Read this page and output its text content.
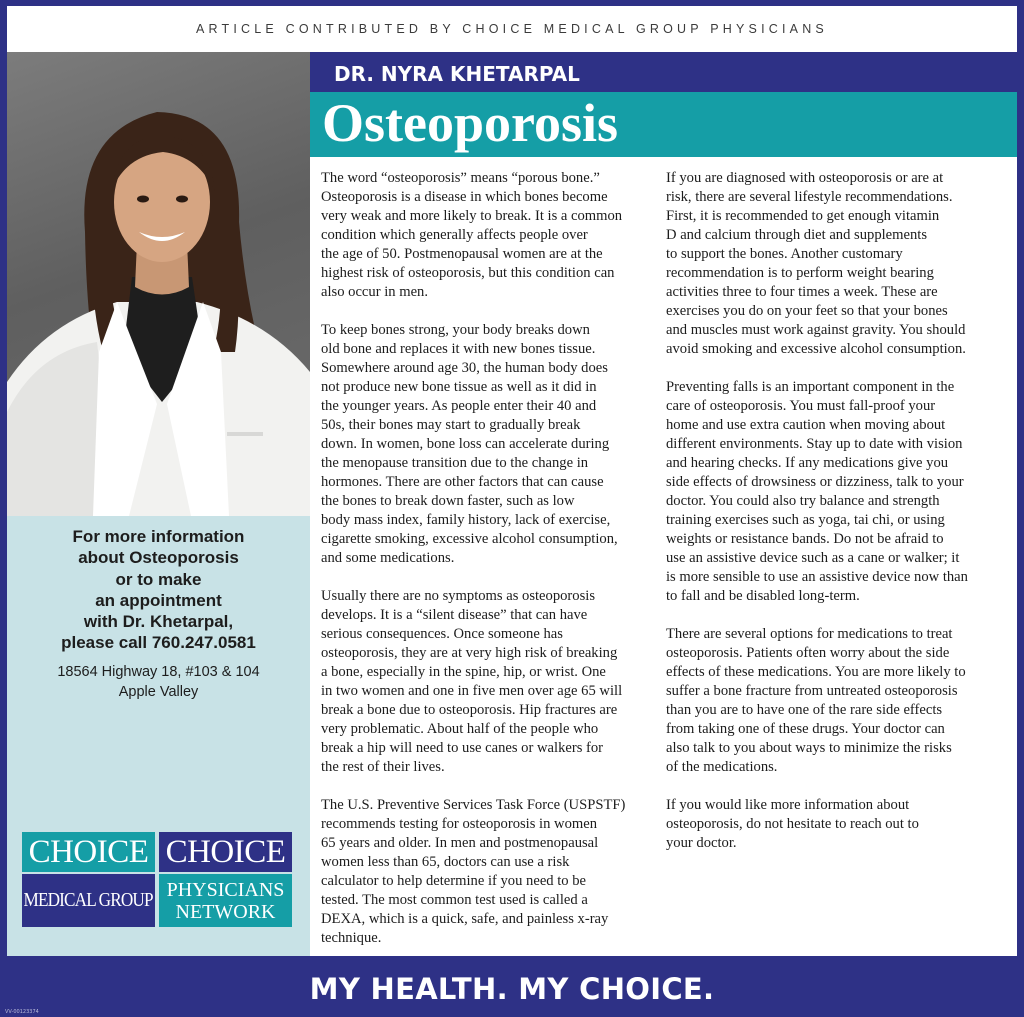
ARTICLE CONTRIBUTED BY CHOICE MEDICAL GROUP PHYSICIANS
For more information
about Osteoporosis
or to make
an appointment
with Dr. Khetarpal,
please call 760.247.0581
18564 Highway 18, #103 & 104
Apple Valley
CHOICE
MEDICAL GROUP
CHOICE
PHYSICIANS
NETWORK
DR. NYRA KHETARPAL
Osteoporosis

The word “osteoporosis” means “porous bone.”
Osteoporosis is a disease in which bones become
very weak and more likely to break. It is a common
condition which generally affects people over
the age of 50. Postmenopausal women are at the
highest risk of osteoporosis, but this condition can
also occur in men.

To keep bones strong, your body breaks down
old bone and replaces it with new bones tissue.
Somewhere around age 30, the human body does
not produce new bone tissue as well as it did in
the younger years. As people enter their 40 and
50s, their bones may start to gradually break
down. In women, bone loss can accelerate during
the menopause transition due to the change in
hormones. There are other factors that can cause
the bones to break down faster, such as low
body mass index, family history, lack of exercise,
cigarette smoking, excessive alcohol consumption,
and some medications.

Usually there are no symptoms as osteoporosis
develops. It is a “silent disease” that can have
serious consequences. Once someone has
osteoporosis, they are at very high risk of breaking
a bone, especially in the spine, hip, or wrist. One
in two women and one in five men over age 65 will
break a bone due to osteoporosis. Hip fractures are
very problematic. About half of the people who
break a hip will need to use canes or walkers for
the rest of their lives.

The U.S. Preventive Services Task Force (USPSTF)
recommends testing for osteoporosis in women
65 years and older. In men and postmenopausal
women less than 65, doctors can use a risk
calculator to help determine if you need to be
tested. The most common test used is called a
DEXA, which is a quick, safe, and painless x-ray
technique.

If you are diagnosed with osteoporosis or are at
risk, there are several lifestyle recommendations.
First, it is recommended to get enough vitamin
D and calcium through diet and supplements
to support the bones. Another customary
recommendation is to perform weight bearing
activities three to four times a week. These are
exercises you do on your feet so that your bones
and muscles must work against gravity. You should
avoid smoking and excessive alcohol consumption.

Preventing falls is an important component in the
care of osteoporosis. You must fall-proof your
home and use extra caution when moving about
different environments. Stay up to date with vision
and hearing checks. If any medications give you
side effects of drowsiness or dizziness, talk to your
doctor. You could also try balance and strength
training exercises such as yoga, tai chi, or using
weights or resistance bands. Do not be afraid to
use an assistive device such as a cane or walker; it
is more sensible to use an assistive device now than
to fall and be disabled long-term.

There are several options for medications to treat
osteoporosis. Patients often worry about the side
effects of these medications. You are more likely to
suffer a bone fracture from untreated osteoporosis
than you are to have one of the rare side effects
from taking one of these drugs. Your doctor can
also talk to you about ways to minimize the risks
of the medications.

If you would like more information about
osteoporosis, do not hesitate to reach out to
your doctor.

MY HEALTH. MY CHOICE.
VV-00123374
